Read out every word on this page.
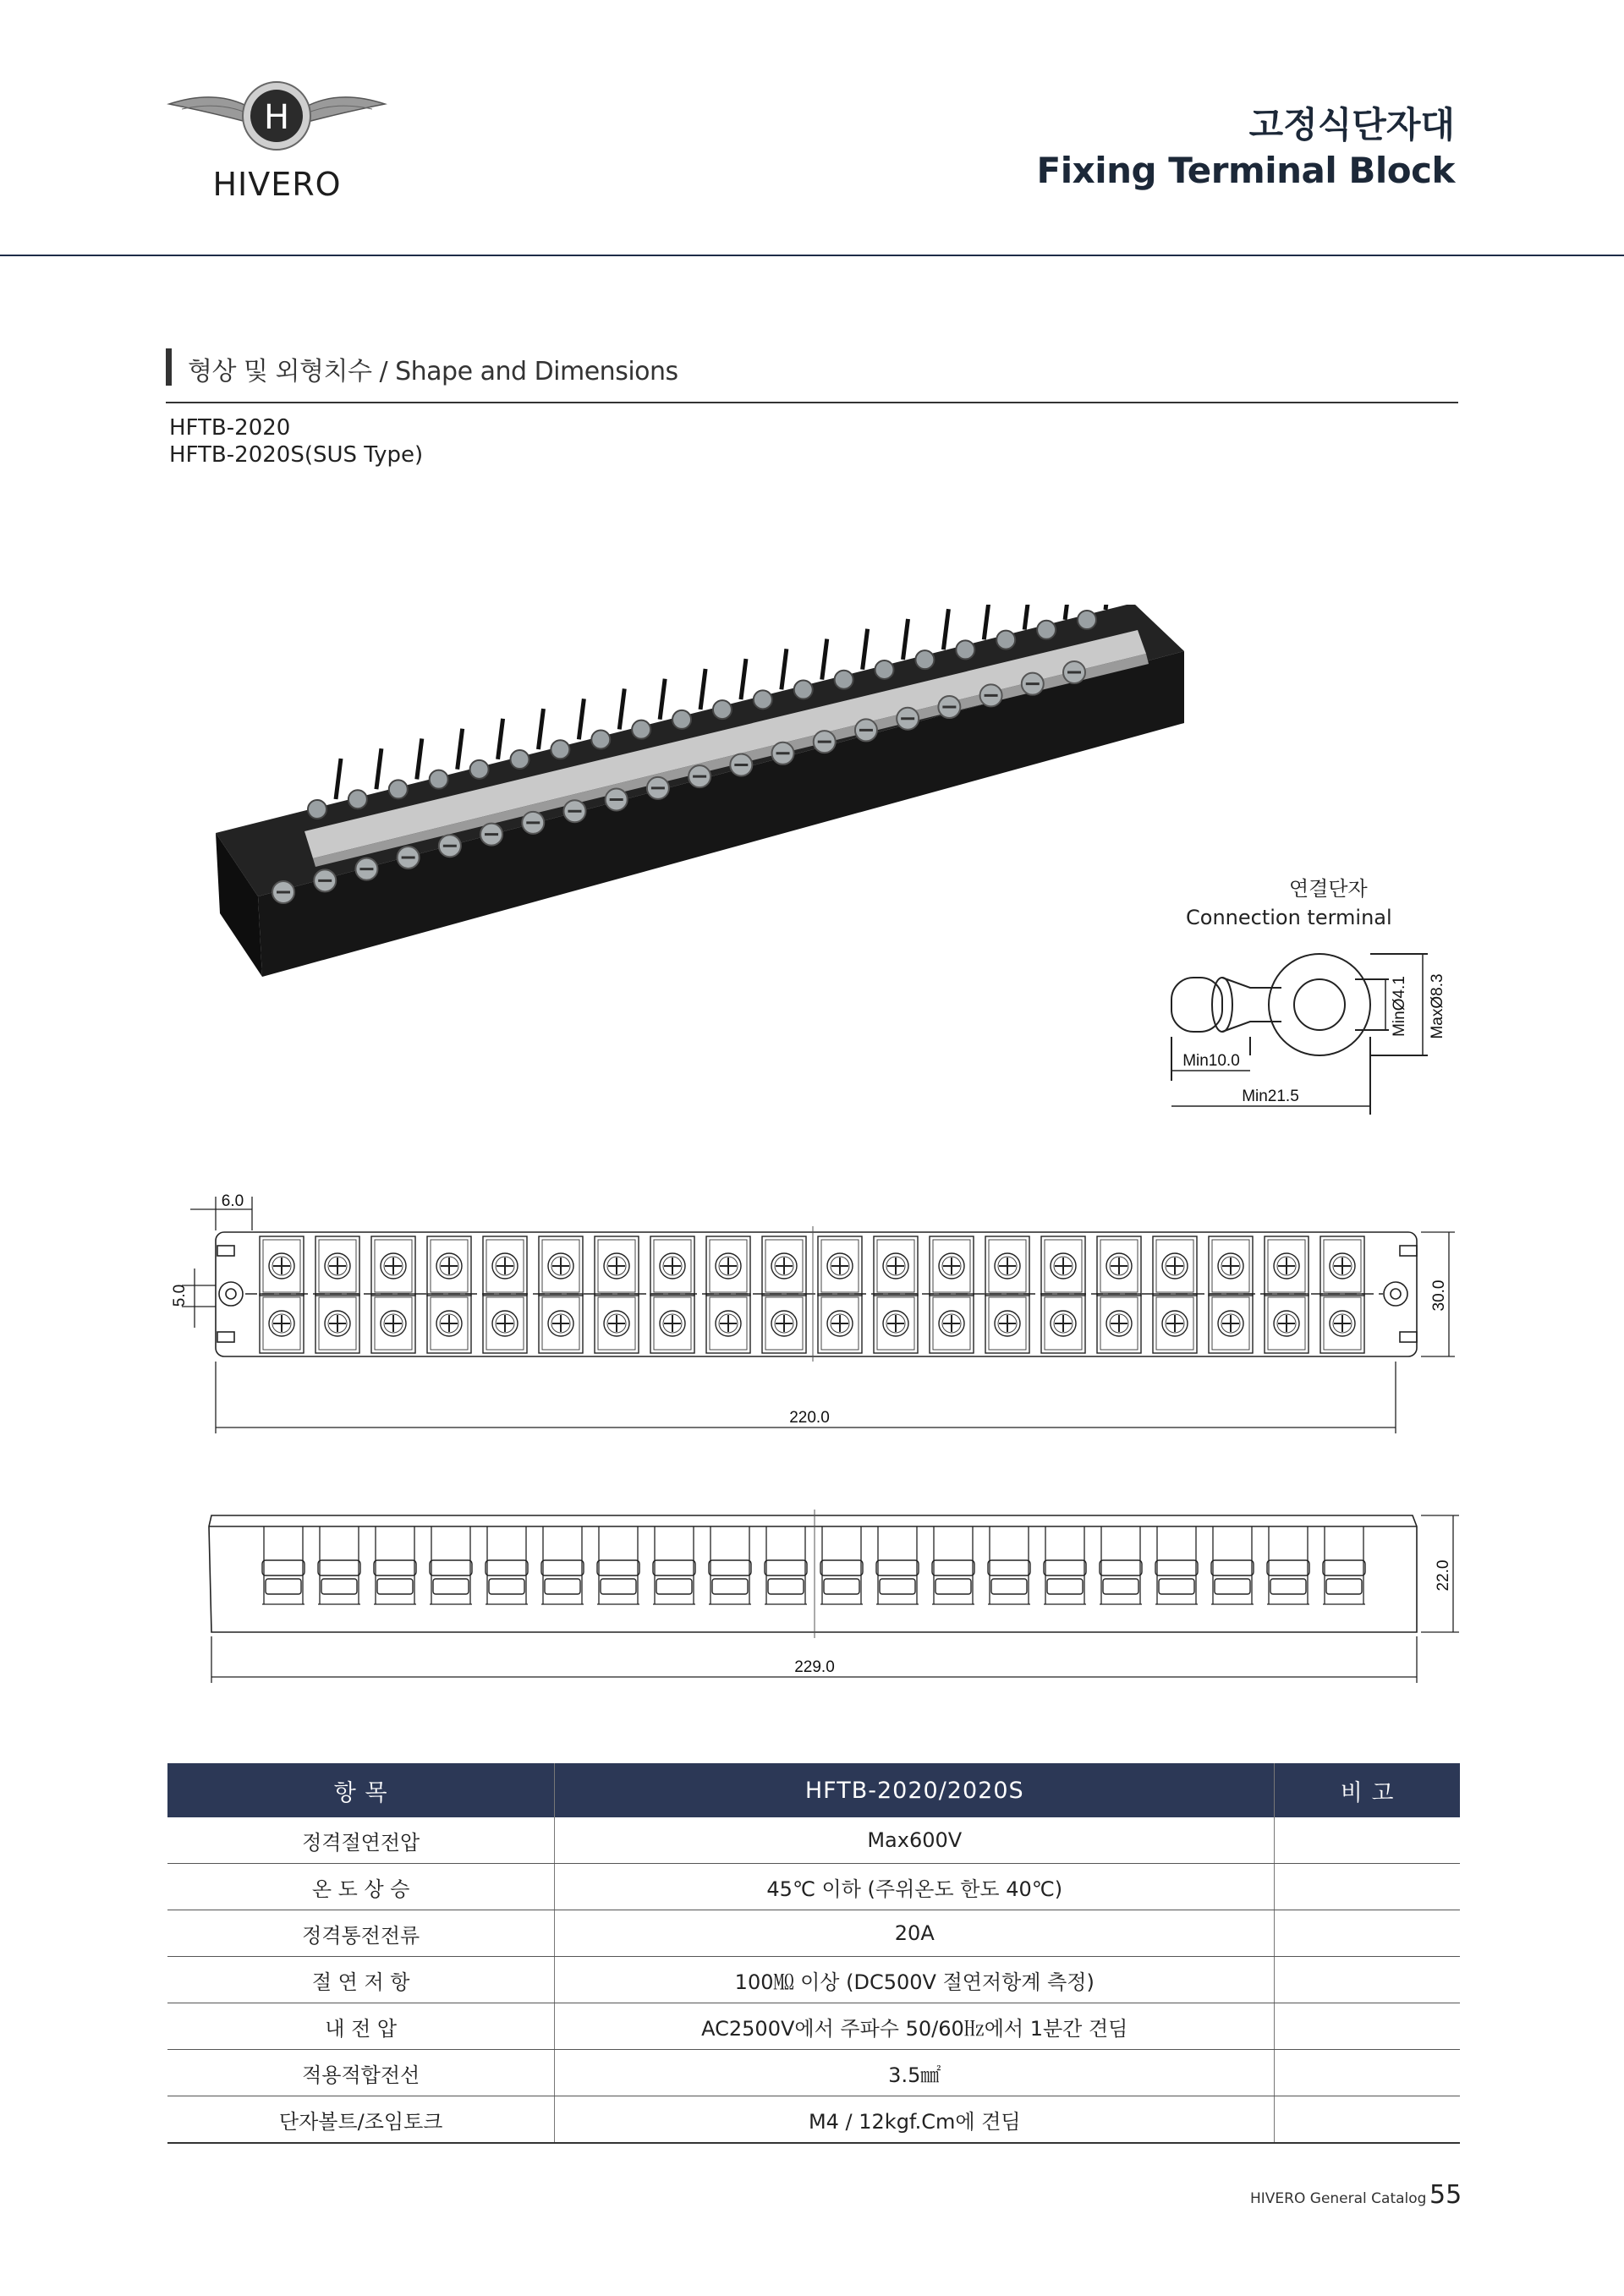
H
HIVERO
고정식단자대
Fixing Terminal Block
형상 및 외형치수 / Shape and Dimensions
HFTB-2020
HFTB-2020S(SUS Type)
연결단자
Connection terminal
Min10.0
Min21.5
MinØ4.1 MaxØ8.3
6.0
5.0	30.0
220.0
229.0
22.0
항 목	HFTB-2020/2020S	비 고
정격절연전압	Max600V	
온 도 상 승	45℃ 이하 (주위온도 한도 40℃)	
정격통전전류	20A	
절 연 저 항	100㏁ 이상 (DC500V 절연저항계 측정)	
내 전 압	AC2500V에서 주파수 50/60㎐에서 1분간 견딤	
적용적합전선	3.5㎟	
단자볼트/조임토크	M4 / 12kgf.Cm에 견딤	
HIVERO General Catalog 55
